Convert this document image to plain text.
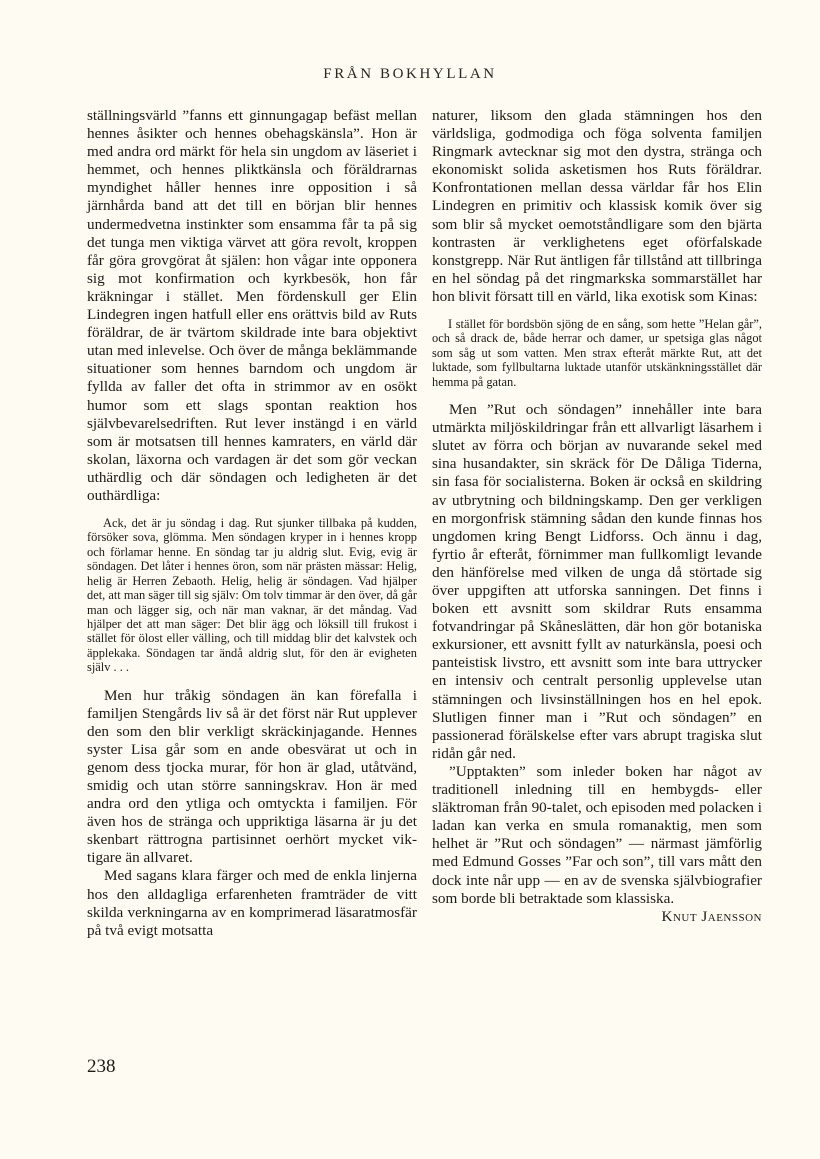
FRÅN BOKHYLLAN

ställningsvärld ”fanns ett ginnungagap befäst mellan hennes åsikter och hennes obehagskänsla”. Hon är med andra ord märkt för hela sin ungdom av läseriet i hemmet, och hennes pliktkänsla och föräldrarnas myndighet håller hennes inre opposition i så järnhårda band att det till en början blir hennes undermedvetna instinkter som ensamma får ta på sig det tunga men viktiga värvet att göra revolt, kroppen får göra grovgörat åt själen: hon vågar inte opponera sig mot konfirmation och kyrkbesök, hon får kräkningar i stället. Men fördenskull ger Elin Lindegren ingen hatfull eller ens orättvis bild av Ruts föräldrar, de är tvärtom skildrade inte bara objektivt utan med inlevelse. Och över de många beklämmande situationer som hennes barndom och ungdom är fyllda av faller det ofta in strimmor av en osökt humor som ett slags spontan reaktion hos självbevarelsedriften. Rut lever instängd i en värld som är motsatsen till hennes kamraters, en värld där skolan, läxorna och vardagen är det som gör veckan uthärdlig och där söndagen och ledigheten är det outhärdliga:

Ack, det är ju söndag i dag. Rut sjunker tillbaka på kudden, försöker sova, glömma. Men söndagen kryper in i hennes kropp och förlamar henne. En söndag tar ju aldrig slut. Evig, evig är söndagen. Det låter i hennes öron, som när prästen mässar: Helig, helig är Herren Zebaoth. Helig, helig är söndagen. Vad hjälper det, att man säger till sig själv: Om tolv timmar är den över, då går man och lägger sig, och när man vaknar, är det måndag. Vad hjälper det att man säger: Det blir ägg och löksill till frukost i stället för ölost eller välling, och till middag blir det kalvstek och äpplekaka. Söndagen tar ändå aldrig slut, för den är evigheten själv . . .

Men hur tråkig söndagen än kan förefalla i familjen Stengårds liv så är det först när Rut upplever den som den blir verkligt skräckinjagande. Hennes syster Lisa går som en ande obesvärat ut och in genom dess tjocka murar, för hon är glad, utåtvänd, smidig och utan större sanningskrav. Hon är med andra ord den ytliga och omtyckta i familjen. För även hos de stränga och uppriktiga läsarna är ju det skenbart rättrogna partisinnet oerhört mycket viktigare än allvaret.

Med sagans klara färger och med de enkla linjerna hos den alldagliga erfarenheten framträder de vitt skilda verkningarna av en komprimerad läsaratmosfär på två evigt motsatta

naturer, liksom den glada stämningen hos den världsliga, godmodiga och föga solventa familjen Ringmark avtecknar sig mot den dystra, stränga och ekonomiskt solida asketismen hos Ruts föräldrar. Konfrontationen mellan dessa världar får hos Elin Lindegren en primitiv och klassisk komik över sig som blir så mycket oemotståndligare som den bjärta kontrasten är verklighetens eget oförfalskade konstgrepp. När Rut äntligen får tillstånd att tillbringa en hel söndag på det ringmarkska sommarstället har hon blivit försatt till en värld, lika exotisk som Kinas:

I stället för bordsbön sjöng de en sång, som hette ”Helan går”, och så drack de, både herrar och damer, ur spetsiga glas något som såg ut som vatten. Men strax efteråt märkte Rut, att det luktade, som fyllbultarna luktade utanför utskänkningsstället där hemma på gatan.

Men ”Rut och söndagen” innehåller inte bara utmärkta miljöskildringar från ett allvarligt läsarhem i slutet av förra och början av nuvarande sekel med sina husandakter, sin skräck för De Dåliga Tiderna, sin fasa för socialisterna. Boken är också en skildring av utbrytning och bildningskamp. Den ger verkligen en morgonfrisk stämning sådan den kunde finnas hos ungdomen kring Bengt Lidforss. Och ännu i dag, fyrtio år efteråt, förnimmer man fullkomligt levande den hänförelse med vilken de unga då störtade sig över uppgiften att utforska sanningen. Det finns i boken ett avsnitt som skildrar Ruts ensamma fotvandringar på Skåneslätten, där hon gör botaniska exkursioner, ett avsnitt fyllt av naturkänsla, poesi och panteistisk livstro, ett avsnitt som inte bara uttrycker en intensiv och centralt personlig upplevelse utan stämningen och livsinställningen hos en hel epok. Slutligen finner man i ”Rut och söndagen” en passionerad förälskelse efter vars abrupt tragiska slut ridån går ned.

”Upptakten” som inleder boken har något av traditionell inledning till en hembygds- eller släktroman från 90-talet, och episoden med polacken i ladan kan verka en smula romanaktig, men som helhet är ”Rut och söndagen” — närmast jämförlig med Edmund Gosses ”Far och son”, till vars mått den dock inte når upp — en av de svenska självbiografier som borde bli betraktade som klassiska.
Knut Jaensson

238
